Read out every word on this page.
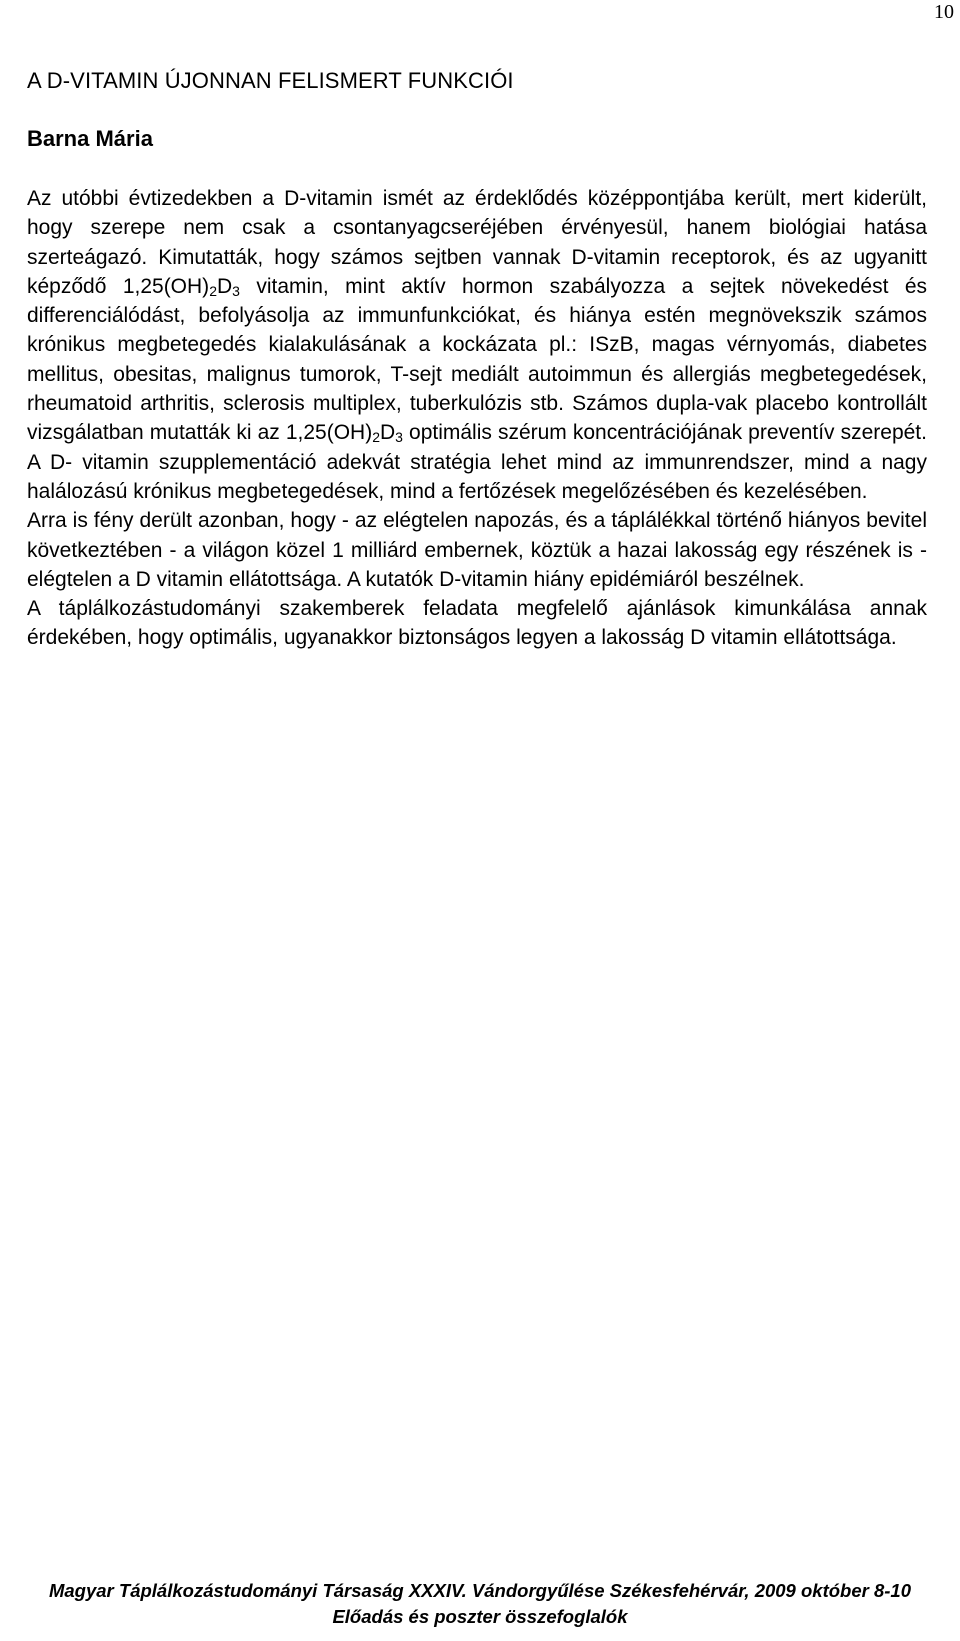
10
A D-VITAMIN ÚJONNAN FELISMERT FUNKCIÓI
Barna Mária

Az utóbbi évtizedekben a D-vitamin ismét az érdeklődés középpontjába került, mert kiderült, hogy szerepe nem csak a csontanyagcseréjében érvényesül, hanem biológiai hatása szerteágazó. Kimutatták, hogy számos sejtben vannak D-vitamin receptorok, és az ugyanitt képződő $1,25(OH)_2D_3$ vitamin, mint aktív hormon szabályozza a sejtek növekedést és differenciálódást, befolyásolja az immunfunkciókat, és hiánya estén megnövekszik számos krónikus megbetegedés kialakulásának a kockázata pl.: ISzB, magas vérnyomás, diabetes mellitus, obesitas, malignus tumorok, T-sejt mediált autoimmun és allergiás megbetegedések, rheumatoid arthritis, sclerosis multiplex, tuberkulózis stb. Számos dupla-vak placebo kontrollált vizsgálatban mutatták ki az $1,25(OH)_2D_3$ optimális szérum koncentrációjának preventív szerepét. A D- vitamin szupplementáció adekvát stratégia lehet mind az immunrendszer, mind a nagy halálozású krónikus megbetegedések, mind a fertőzések megelőzésében és kezelésében.

Arra is fény derült azonban, hogy - az elégtelen napozás, és a táplálékkal történő hiányos bevitel következtében - a világon közel 1 milliárd embernek, köztük a hazai lakosság egy részének is - elégtelen a D vitamin ellátottsága. A kutatók D-vitamin hiány epidémiáról beszélnek.

A táplálkozástudományi szakemberek feladata megfelelő ajánlások kimunkálása annak érdekében, hogy optimális, ugyanakkor biztonságos legyen a lakosság D vitamin ellátottsága.

Magyar Táplálkozástudományi Társaság XXXIV. Vándorgyűlése Székesfehérvár, 2009 október 8-10
Előadás és poszter összefoglalók
